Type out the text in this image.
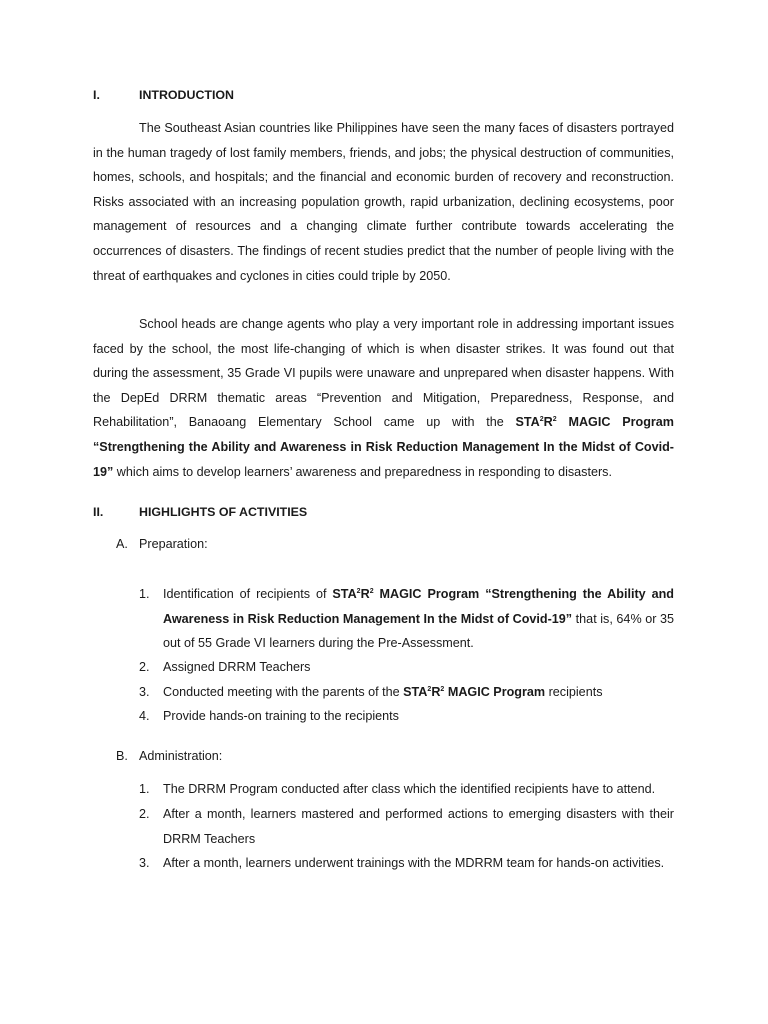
I.	INTRODUCTION

The Southeast Asian countries like Philippines have seen the many faces of disasters portrayed in the human tragedy of lost family members, friends, and jobs; the physical destruction of communities, homes, schools, and hospitals; and the financial and economic burden of recovery and reconstruction. Risks associated with an increasing population growth, rapid urbanization, declining ecosystems, poor management of resources and a changing climate further contribute towards accelerating the occurrences of disasters. The findings of recent studies predict that the number of people living with the threat of earthquakes and cyclones in cities could triple by 2050.

School heads are change agents who play a very important role in addressing important issues faced by the school, the most life-changing of which is when disaster strikes. It was found out that during the assessment, 35 Grade VI pupils were unaware and unprepared when disaster happens. With the DepEd DRRM thematic areas “Prevention and Mitigation, Preparedness, Response, and Rehabilitation”, Banaoang Elementary School came up with the $STA^2R^2$ MAGIC Program “Strengthening the Ability and Awareness in Risk Reduction Management In the Midst of Covid-19” which aims to develop learners’ awareness and preparedness in responding to disasters.

II.	HIGHLIGHTS OF ACTIVITIES
A. Preparation:
1.	Identification of recipients of $STA^2R^2$ MAGIC Program “Strengthening the Ability and Awareness in Risk Reduction Management In the Midst of Covid-19” that is, 64% or 35 out of 55 Grade VI learners during the Pre-Assessment.
2.	Assigned DRRM Teachers
3.	Conducted meeting with the parents of the $STA^2R^2$ MAGIC Program recipients
4.	Provide hands-on training to the recipients
B. Administration:
1.	The DRRM Program conducted after class which the identified recipients have to attend.
2.	After a month, learners mastered and performed actions to emerging disasters with their DRRM Teachers
3.	After a month, learners underwent trainings with the MDRRM team for hands-on activities.
